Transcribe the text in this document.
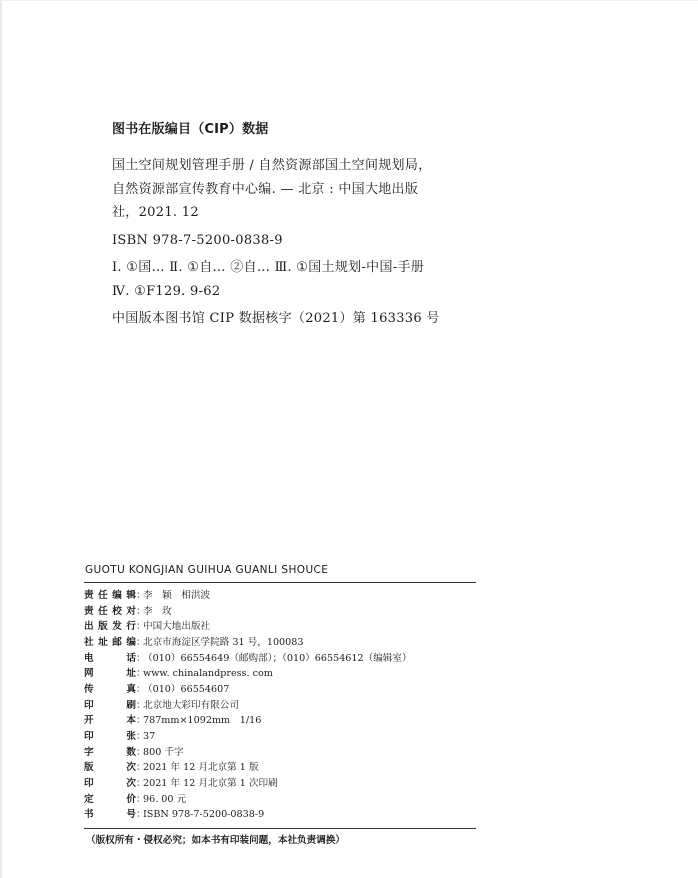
图书在版编目（CIP）数据
国土空间规划管理手册 / 自然资源部国土空间规划局，自然资源部宣传教育中心编. — 北京 : 中国大地出版社，2021. 12
ISBN 978-7-5200-0838-9
Ⅰ. ①国… Ⅱ. ①自… ②自… Ⅲ. ①国土规划-中国-手册 Ⅳ. ①F129. 9-62
中国版本图书馆 CIP 数据核字（2021）第 163336 号
GUOTU KONGJIAN GUIHUA GUANLI SHOUCE
责任编辑 ：
李　颖　相洪波
责任校对 ：
李　玫
出版发行 ：
中国大地出版社
社址邮编 ：
北京市海淀区学院路 31 号，100083
电　话 ：
（010）66554649（邮购部）；（010）66554612（编辑室）
网　址 ：
www. chinalandpress. com
传　真 ：
（010）66554607
印　刷 ：
北京地大彩印有限公司
开　本 ：
787mm×1092mm　1/16
印　张 ：
37
字　数 ：
800 千字
版　次 ：
2021 年 12 月北京第 1 版
印　次 ：
2021 年 12 月北京第 1 次印刷
定　价 ：
96. 00 元
书　号 ：
ISBN 978-7-5200-0838-9
（版权所有・侵权必究；如本书有印装问题，本社负责调换）
